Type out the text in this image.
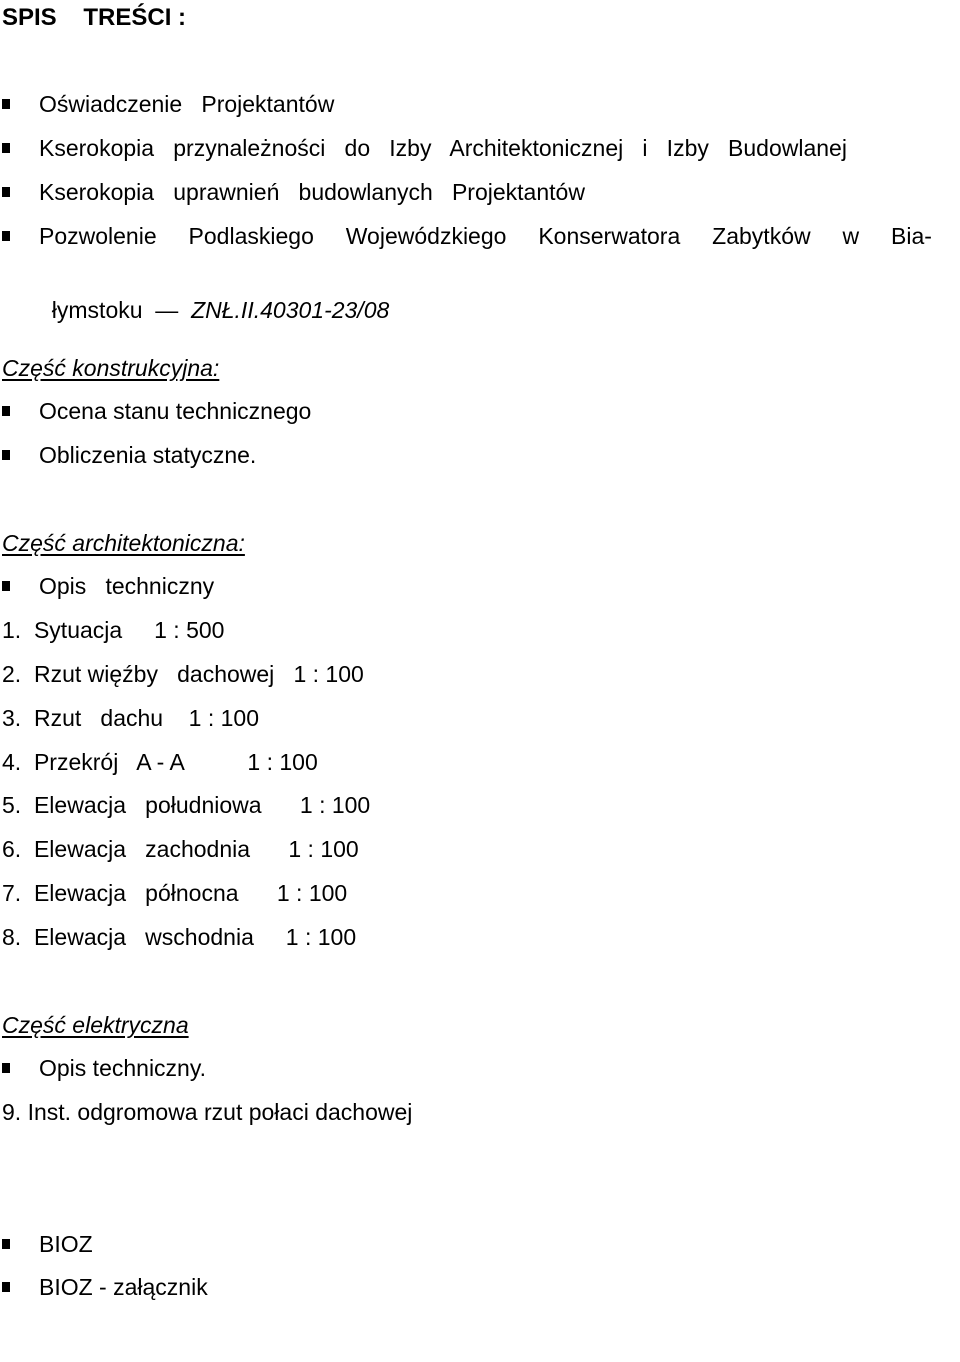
SPIS    TREŚCI :

Oświadczenie   Projektantów

Kserokopia   przynależności   do   Izby   Architektonicznej   i   Izby   Budowlanej

Kserokopia   uprawnień   budowlanych   Projektantów

Pozwolenie Podlaskiego Wojewódzkiego Konserwatora Zabytków w Bia-

łymstoku  —  ZNŁ.II.40301-23/08

Część konstrukcyjna:

Ocena stanu technicznego

Obliczenia statyczne.

Część architektoniczna:

Opis   techniczny

1.  Sytuacja     1 : 500
2.  Rzut więźby   dachowej   1 : 100
3.  Rzut   dachu    1 : 100
4.  Przekrój   A - A          1 : 100
5.  Elewacja   południowa      1 : 100
6.  Elewacja   zachodnia      1 : 100
7.  Elewacja   północna      1 : 100
8.  Elewacja   wschodnia     1 : 100
Część elektryczna

Opis techniczny.

9. Inst. odgromowa rzut połaci dachowej

BIOZ

BIOZ - załącznik
